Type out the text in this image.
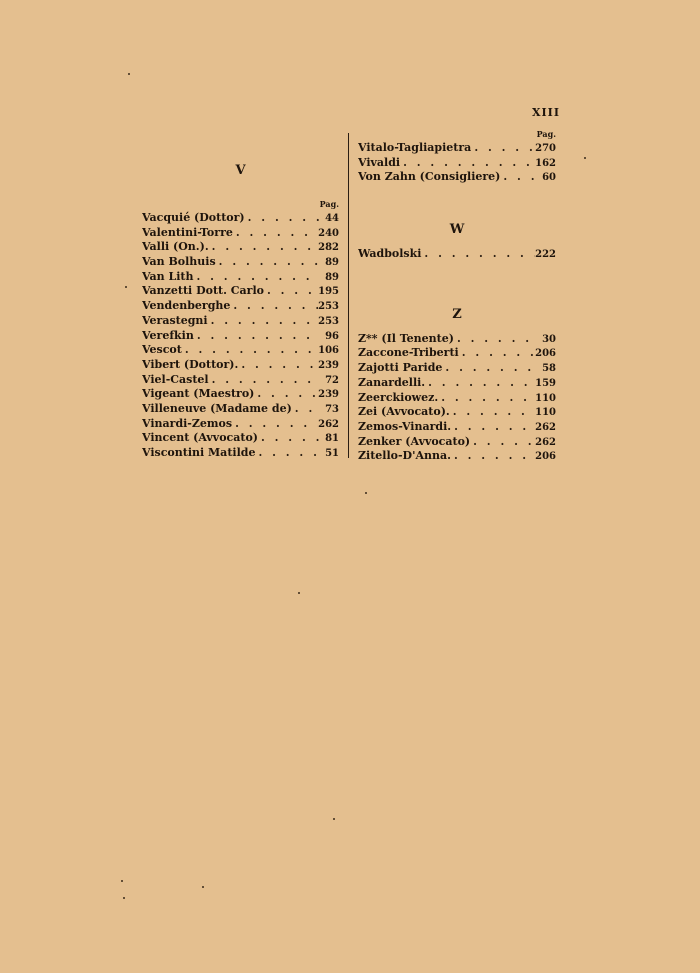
XIII
V
Pag.
Vacquié (Dottor) . . .	44
Valentini-Torre . . .	240
Valli (On.). . . .	282
Van Bolhuis . . .	89
Van Lith . . .	89
Vanzetti Dott. Carlo . . .	195
Vendenberghe . . .	253
Verastegni . . .	253
Verefkin . . .	96
Vescot . . .	106
Vibert (Dottor). . . .	239
Viel-Castel . . .	72
Vigeant (Maestro) . . .	239
Villeneuve (Madame de) . . .	73
Vinardi-Zemos . . .	262
Vincent (Avvocato) . . .	81
Viscontini Matilde . . .	51
Pag.
Vitalo-Tagliapietra . . .	270
Vivaldi . . .	162
Von Zahn (Consigliere) . . .	60
W
Wadbolski . . .	222
Z
Z** (Il Tenente) . . .	30
Zaccone-Triberti . . .	206
Zajotti Paride . . .	58
Zanardelli. . . .	159
Zeerckiowez. . . .	110
Zei (Avvocato). . . .	110
Zemos-Vinardi. . . .	262
Zenker (Avvocato) . . .	262
Zitello-D'Anna. . . .	206
